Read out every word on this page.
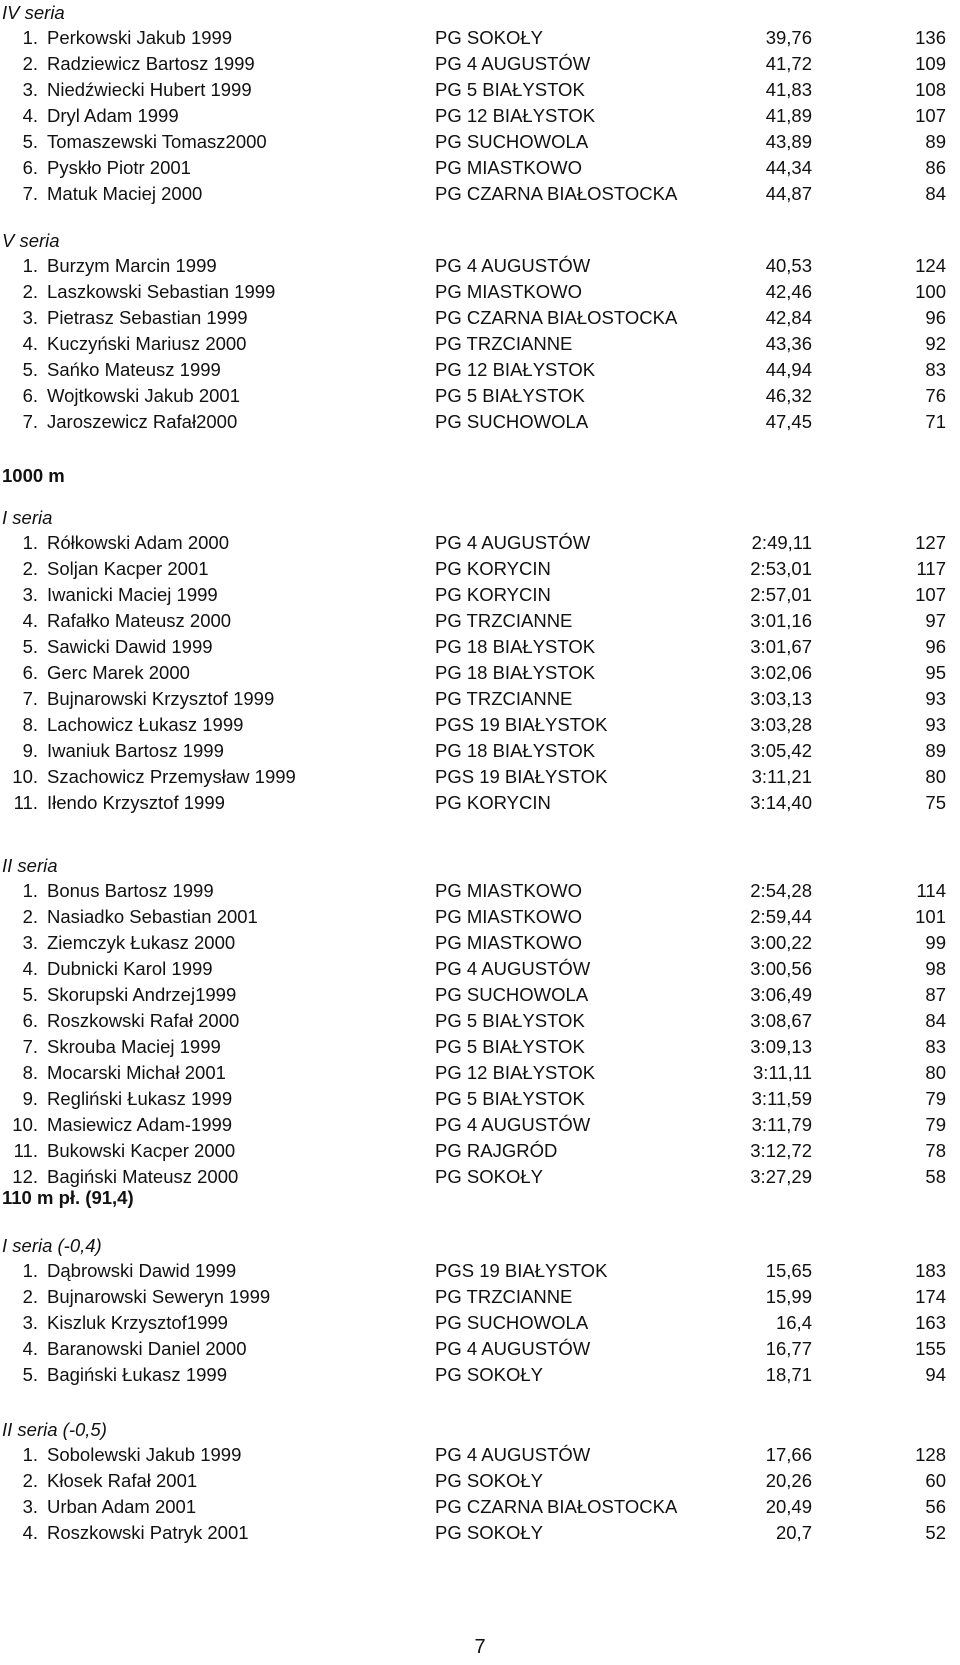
IV seria
1. Perkowski Jakub 1999	PG SOKOŁY	39,76	136
2. Radziewicz Bartosz 1999	PG 4 AUGUSTÓW	41,72	109
3. Niedźwiecki Hubert 1999	PG 5 BIAŁYSTOK	41,83	108
4. Dryl Adam 1999	PG 12 BIAŁYSTOK	41,89	107
5. Tomaszewski Tomasz2000	PG SUCHOWOLA	43,89	89
6. Pyskło Piotr 2001	PG MIASTKOWO	44,34	86
7. Matuk Maciej 2000	PG CZARNA BIAŁOSTOCKA	44,87	84
V seria
1. Burzym Marcin 1999	PG 4 AUGUSTÓW	40,53	124
2. Laszkowski Sebastian 1999	PG MIASTKOWO	42,46	100
3. Pietrasz Sebastian 1999	PG CZARNA BIAŁOSTOCKA	42,84	96
4. Kuczyński Mariusz 2000	PG TRZCIANNE	43,36	92
5. Sańko Mateusz 1999	PG 12 BIAŁYSTOK	44,94	83
6. Wojtkowski Jakub 2001	PG 5 BIAŁYSTOK	46,32	76
7. Jaroszewicz Rafał2000	PG SUCHOWOLA	47,45	71
1000 m
I seria
1. Rółkowski Adam 2000	PG 4 AUGUSTÓW	2:49,11	127
2. Soljan Kacper 2001	PG KORYCIN	2:53,01	117
3. Iwanicki Maciej 1999	PG KORYCIN	2:57,01	107
4. Rafałko Mateusz 2000	PG TRZCIANNE	3:01,16	97
5. Sawicki Dawid 1999	PG 18 BIAŁYSTOK	3:01,67	96
6. Gerc Marek 2000	PG 18 BIAŁYSTOK	3:02,06	95
7. Bujnarowski Krzysztof 1999	PG TRZCIANNE	3:03,13	93
8. Lachowicz Łukasz 1999	PGS 19 BIAŁYSTOK	3:03,28	93
9. Iwaniuk Bartosz 1999	PG 18 BIAŁYSTOK	3:05,42	89
10. Szachowicz Przemysław 1999	PGS 19 BIAŁYSTOK	3:11,21	80
11. Iłendo Krzysztof 1999	PG KORYCIN	3:14,40	75
II seria
1. Bonus Bartosz 1999	PG MIASTKOWO	2:54,28	114
2. Nasiadko Sebastian 2001	PG MIASTKOWO	2:59,44	101
3. Ziemczyk Łukasz 2000	PG MIASTKOWO	3:00,22	99
4. Dubnicki Karol 1999	PG 4 AUGUSTÓW	3:00,56	98
5. Skorupski Andrzej1999	PG SUCHOWOLA	3:06,49	87
6. Roszkowski Rafał 2000	PG 5 BIAŁYSTOK	3:08,67	84
7. Skrouba Maciej 1999	PG 5 BIAŁYSTOK	3:09,13	83
8. Mocarski Michał 2001	PG 12 BIAŁYSTOK	3:11,11	80
9. Regliński Łukasz 1999	PG 5 BIAŁYSTOK	3:11,59	79
10. Masiewicz Adam-1999	PG 4 AUGUSTÓW	3:11,79	79
11. Bukowski Kacper 2000	PG RAJGRÓD	3:12,72	78
12. Bagiński Mateusz 2000	PG SOKOŁY	3:27,29	58
110 m pł. (91,4)
I seria (-0,4)
1. Dąbrowski Dawid 1999	PGS 19 BIAŁYSTOK	15,65	183
2. Bujnarowski Seweryn 1999	PG TRZCIANNE	15,99	174
3. Kiszluk Krzysztof1999	PG SUCHOWOLA	16,4	163
4. Baranowski Daniel 2000	PG 4 AUGUSTÓW	16,77	155
5. Bagiński Łukasz 1999	PG SOKOŁY	18,71	94
II seria (-0,5)
1. Sobolewski Jakub 1999	PG 4 AUGUSTÓW	17,66	128
2. Kłosek Rafał 2001	PG SOKOŁY	20,26	60
3. Urban Adam 2001	PG CZARNA BIAŁOSTOCKA	20,49	56
4. Roszkowski Patryk 2001	PG SOKOŁY	20,7	52
7
